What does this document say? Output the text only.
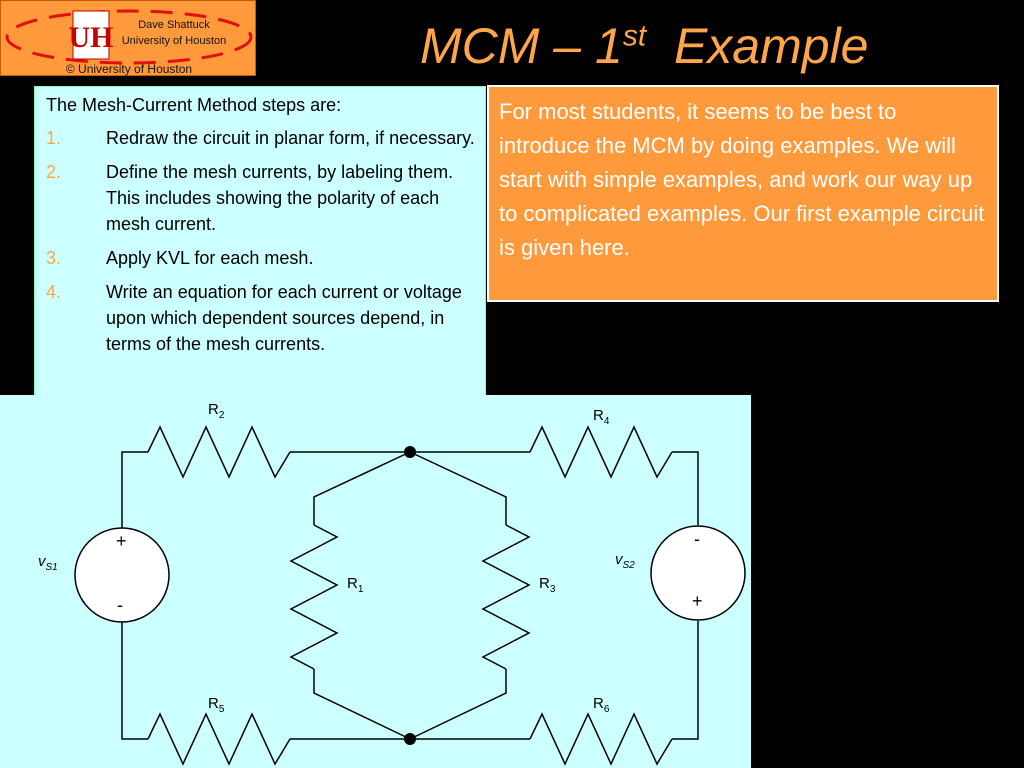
UH	Dave Shattuck
University of Houston
© University of Houston	MCM – 1st Example
The Mesh-Current Method steps are:
1. Redraw the circuit in planar form, if necessary.
2. Define the mesh currents, by labeling them. This includes showing the polarity of each mesh current.
3. Apply KVL for each mesh.
4. Write an equation for each current or voltage upon which dependent sources depend, in terms of the mesh currents.
For most students, it seems to be best to introduce the MCM by doing examples. We will start with simple examples, and work our way up to complicated examples. Our first example circuit is given here.
$R_2$	$R_4$
$R_1$	$R_3$
$R_5$	$R_6$
$v_{S1}$	$v_{S2}$
+
-
-
+
